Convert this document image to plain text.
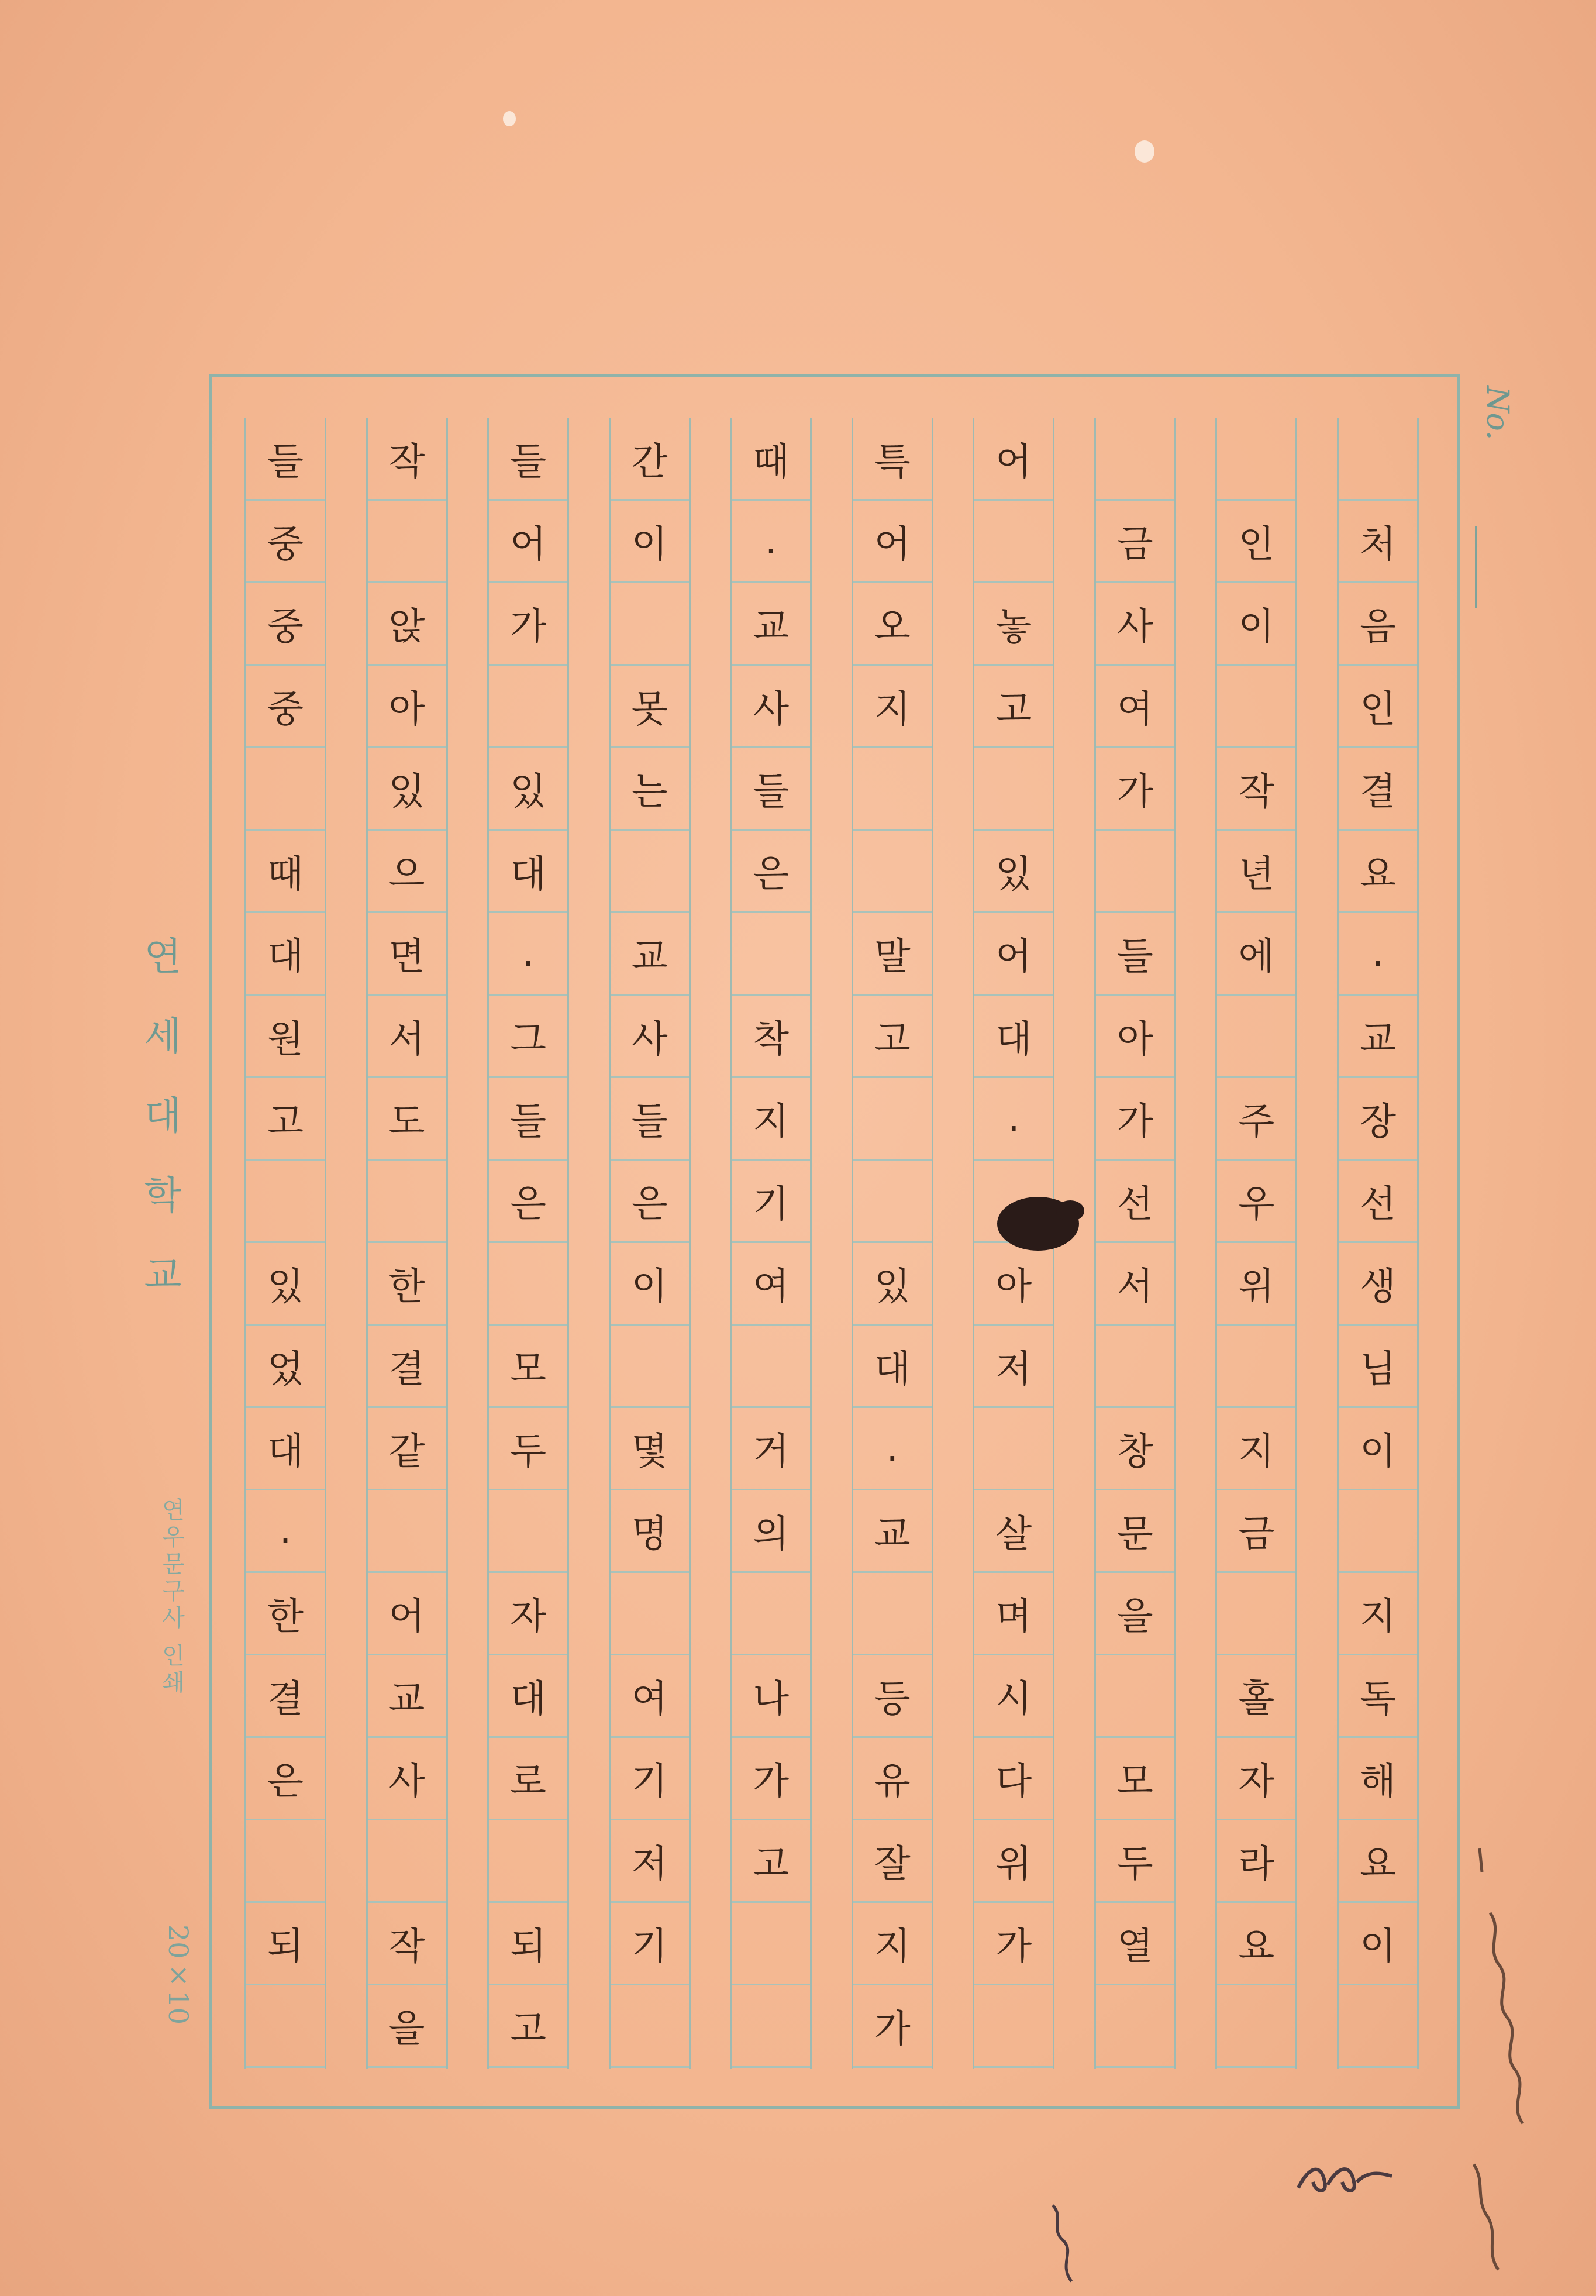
No.
연세대학교
연우문구사 인쇄
20×10
처
음
인
결
요
.
교
장
선
생
님
이
지
독
해
요
이
인
이
작
년
에
주
우
위
지
금
홀
자
라
요
금
사
여
가
들
아
가
선
서
창
문
을
모
두
열
어
놓
고
있
어
대
.
아
저
살
며
시
다
위
가
특
어
오
지
말
고
있
대
.
교
등
유
잘
지
가
때
.
교
사
들
은
착
지
기
여
거
의
나
가
고
간
이
못
는
교
사
들
은
이
몇
명
여
기
저
기
들
어
가
있
대
.
그
들
은
모
두
자
대
로
되
고
작
앉
아
있
으
면
서
도
한
결
같
어
교
사
작
을
들
중
중
중
때
대
원
고
있
었
대
.
한
결
은
되
